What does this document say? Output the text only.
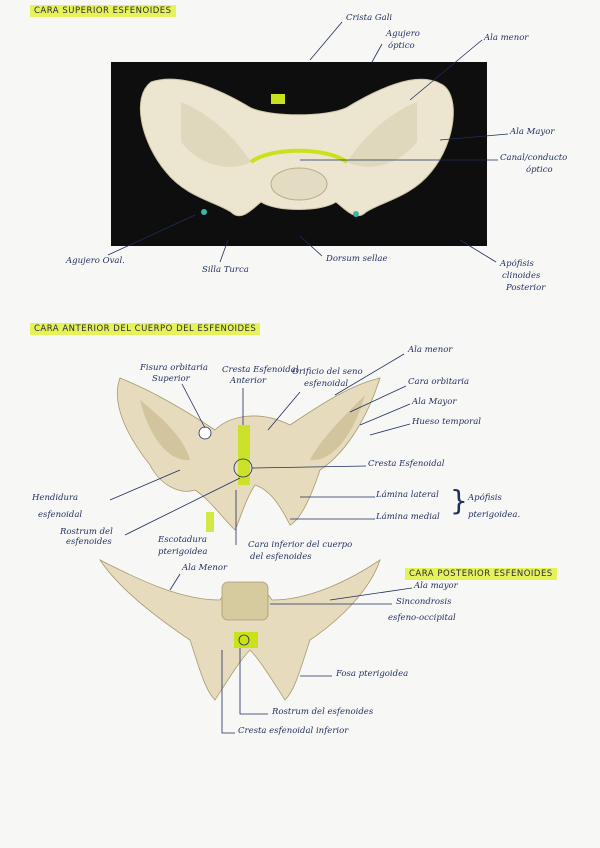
CARA SUPERIOR ESFENOIDES
CARA ANTERIOR DEL CUERPO DEL ESFENOIDES
CARA POSTERIOR ESFENOIDES
Crista Gali
Agujero
óptico
Ala menor
Ala Mayor
Canal/conducto
óptico
Agujero Oval.
Silla Turca
Dorsum sellae	Apófisis
clinoides
Posterior
Fisura orbitaria
Superior
Cresta Esfenoidal
Anterior
Orificio del seno
esfenoidal
Ala menor
Cara orbitaria
Ala Mayor
Hueso temporal
Cresta Esfenoidal
Hendidura
esfenoidal
Lámina lateral
Lámina medial } Apófisis
pterigoidea.
Rostrum del
esfenoides	Escotadura
pterigoidea
Cara inferior del cuerpo
del esfenoides
Ala Menor
Ala mayor
Sincondrosis
esfeno-occipital
Fosa pterigoidea
Rostrum del esfenoides
Cresta esfenoidal inferior
